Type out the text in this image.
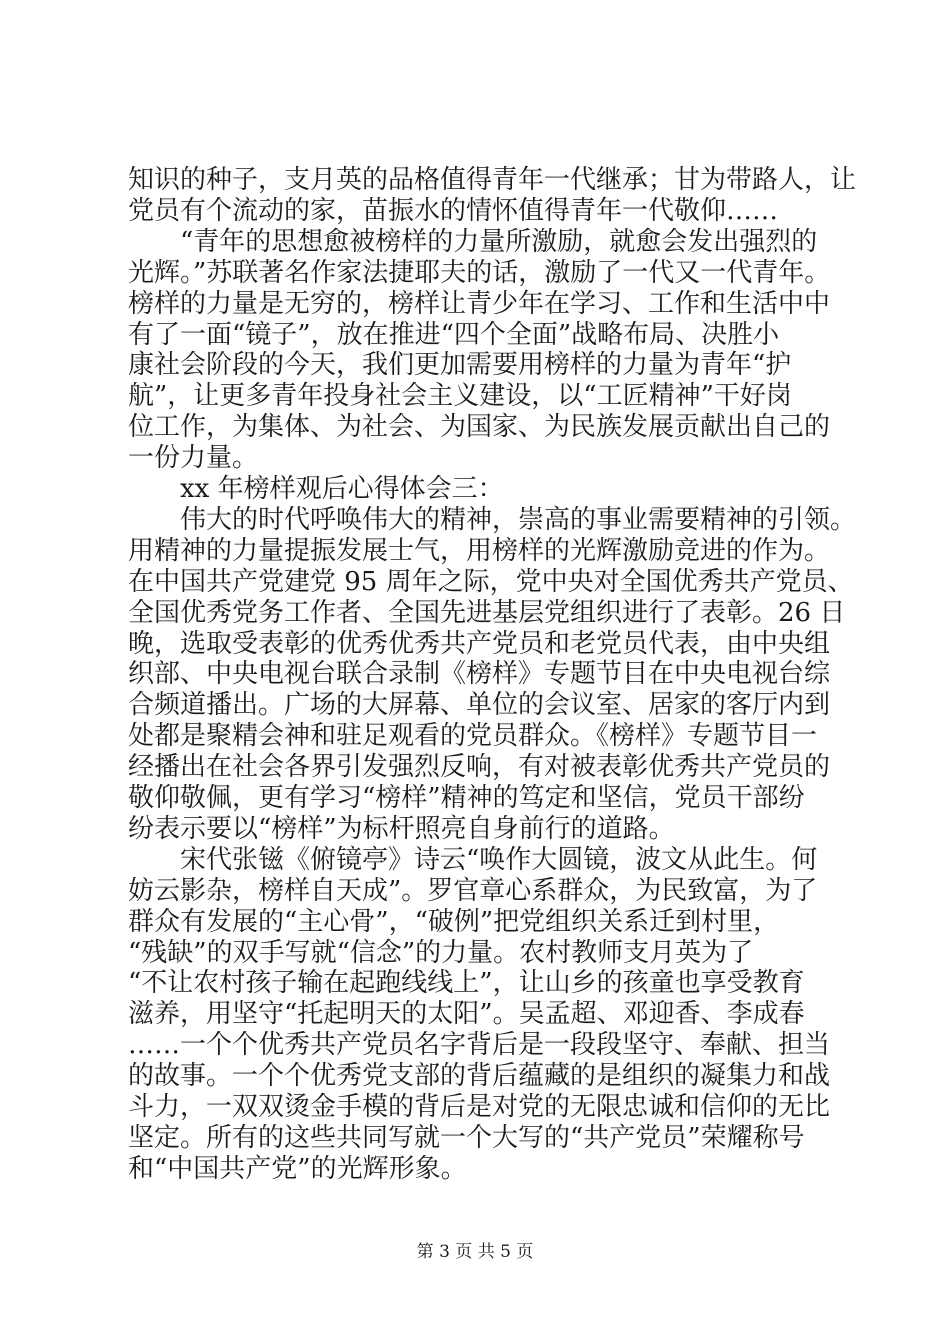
知识的种子，支月英的品格值得青年一代继承；甘为带路人，让
党员有个流动的家，苗振水的情怀值得青年一代敬仰……
　　“青年的思想愈被榜样的力量所激励，就愈会发出强烈的
光辉。”苏联著名作家法捷耶夫的话，激励了一代又一代青年。
榜样的力量是无穷的，榜样让青少年在学习、工作和生活中中
有了一面“镜子”，放在推进“四个全面”战略布局、决胜小
康社会阶段的今天，我们更加需要用榜样的力量为青年“护
航”，让更多青年投身社会主义建设，以“工匠精神”干好岗
位工作，为集体、为社会、为国家、为民族发展贡献出自己的
一份力量。
　　xx 年榜样观后心得体会三：
　　伟大的时代呼唤伟大的精神，崇高的事业需要精神的引领。
用精神的力量提振发展士气，用榜样的光辉激励竞进的作为。
在中国共产党建党 95 周年之际，党中央对全国优秀共产党员、
全国优秀党务工作者、全国先进基层党组织进行了表彰。26 日
晚，选取受表彰的优秀优秀共产党员和老党员代表，由中央组
织部、中央电视台联合录制《榜样》专题节目在中央电视台综
合频道播出。广场的大屏幕、单位的会议室、居家的客厅内到
处都是聚精会神和驻足观看的党员群众。《榜样》专题节目一
经播出在社会各界引发强烈反响，有对被表彰优秀共产党员的
敬仰敬佩，更有学习“榜样”精神的笃定和坚信，党员干部纷
纷表示要以“榜样”为标杆照亮自身前行的道路。
　　宋代张镃《俯镜亭》诗云“唤作大圆镜，波文从此生。何
妨云影杂，榜样自天成”。罗官章心系群众，为民致富，为了
群众有发展的“主心骨”，“破例”把党组织关系迁到村里，
“残缺”的双手写就“信念”的力量。农村教师支月英为了
“不让农村孩子输在起跑线线上”，让山乡的孩童也享受教育
滋养，用坚守“托起明天的太阳”。吴孟超、邓迎香、李成春
……一个个优秀共产党员名字背后是一段段坚守、奉献、担当
的故事。一个个优秀党支部的背后蕴藏的是组织的凝集力和战
斗力，一双双烫金手模的背后是对党的无限忠诚和信仰的无比
坚定。所有的这些共同写就一个大写的“共产党员”荣耀称号
和“中国共产党”的光辉形象。
第 3 页 共 5 页
